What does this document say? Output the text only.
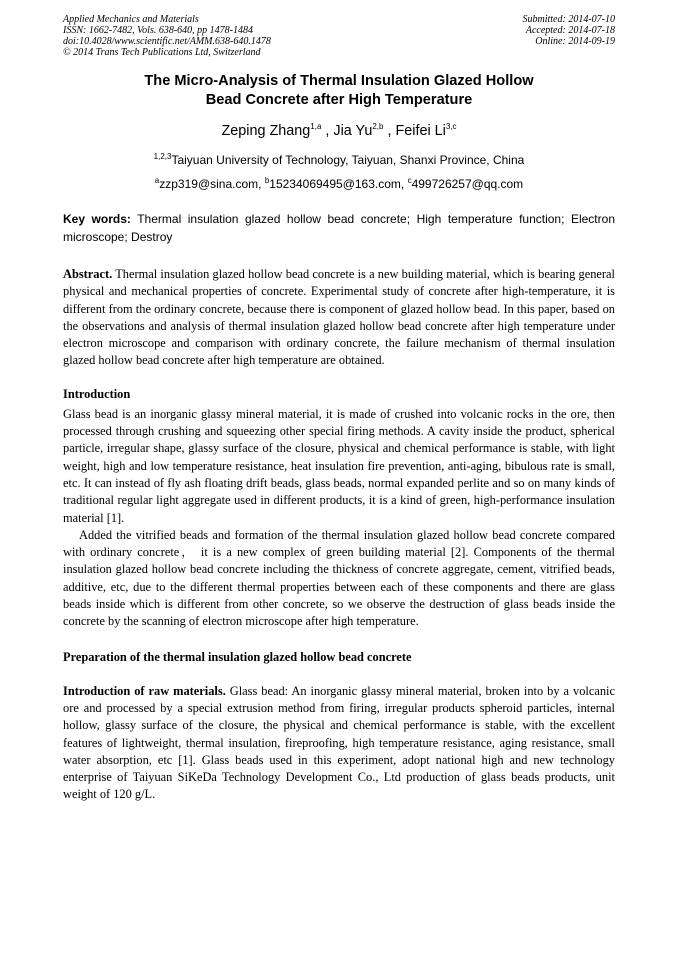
Applied Mechanics and Materials
ISSN: 1662-7482, Vols. 638-640, pp 1478-1484
doi:10.4028/www.scientific.net/AMM.638-640.1478
© 2014 Trans Tech Publications Ltd, Switzerland
Submitted: 2014-07-10
Accepted: 2014-07-18
Online: 2014-09-19
The Micro-Analysis of Thermal Insulation Glazed Hollow
Bead Concrete after High Temperature
Zeping Zhang$^{1,a}$ , Jia Yu$^{2,b}$ , Feifei Li$^{3,c}$
$^{1,2,3}$Taiyuan University of Technology, Taiyuan, Shanxi Province, China
$^a$zzp319@sina.com, $^b$15234069495@163.com, $^c$499726257@qq.com
Key words: Thermal insulation glazed hollow bead concrete; High temperature function; Electron microscope; Destroy

Abstract. Thermal insulation glazed hollow bead concrete is a new building material, which is bearing general physical and mechanical properties of concrete. Experimental study of concrete after high-temperature, it is different from the ordinary concrete, because there is component of glazed hollow bead. In this paper, based on the observations and analysis of thermal insulation glazed hollow bead concrete after high temperature under electron microscope and comparison with ordinary concrete, the failure mechanism of thermal insulation glazed hollow bead concrete after high temperature are obtained.

Introduction

Glass bead is an inorganic glassy mineral material, it is made of crushed into volcanic rocks in the ore, then processed through crushing and squeezing other special firing methods. A cavity inside the product, spherical particle, irregular shape, glassy surface of the closure, physical and chemical performance is stable, with light weight, high and low temperature resistance, heat insulation fire prevention, anti-aging, bibulous rate is small, etc. It can instead of fly ash floating drift beads, glass beads, normal expanded perlite and so on many kinds of traditional regular light aggregate used in different products, it is a kind of green, high-performance insulation material [1].

Added the vitrified beads and formation of the thermal insulation glazed hollow bead concrete compared with ordinary concrete， it is a new complex of green building material [2]. Components of the thermal insulation glazed hollow bead concrete including the thickness of concrete aggregate, cement, vitrified beads, additive, etc, due to the different thermal properties between each of these components and there are glass beads inside which is different from other concrete, so we observe the destruction of glass beads inside the concrete by the scanning of electron microscope after high temperature.

Preparation of the thermal insulation glazed hollow bead concrete

Introduction of raw materials. Glass bead: An inorganic glassy mineral material, broken into by a volcanic ore and processed by a special extrusion method from firing, irregular products spheroid particles, internal hollow, glassy surface of the closure, the physical and chemical performance is stable, with the excellent features of lightweight, thermal insulation, fireproofing, high temperature resistance, aging resistance, small water absorption, etc [1]. Glass beads used in this experiment, adopt national high and new technology enterprise of Taiyuan SiKeDa Technology Development Co., Ltd production of glass beads products, unit weight of 120 g/L.
